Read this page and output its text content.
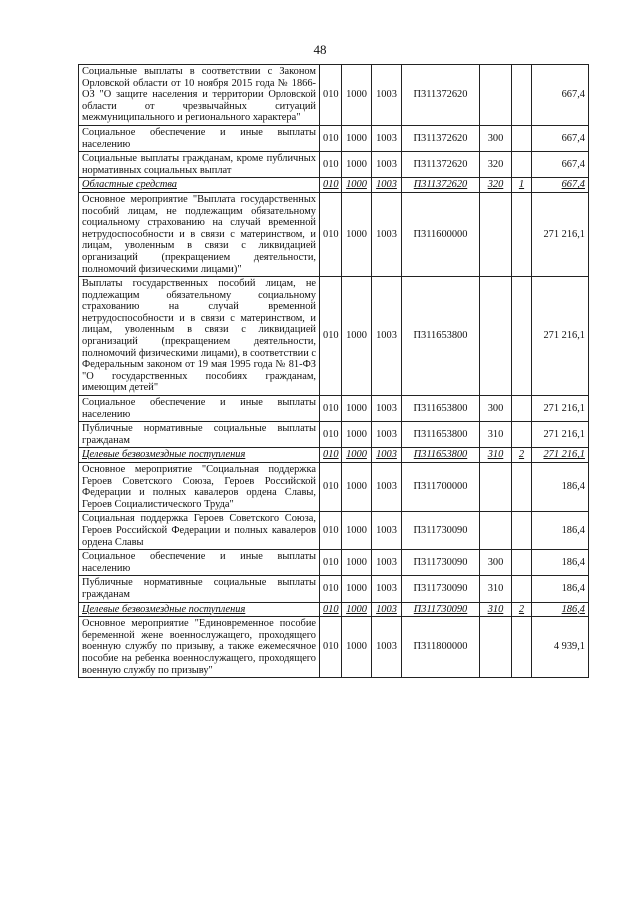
48
Социальные выплаты в соответствии с Законом Орловской области от 10 ноября 2015 года № 1866-ОЗ "О защите населения и территории Орловской области от чрезвычайных ситуаций межмуниципального и регионального характера"	010	1000	1003	П311372620			667,4
Социальное обеспечение и иные выплаты населению	010	1000	1003	П311372620	300		667,4
Социальные выплаты гражданам, кроме публичных нормативных социальных выплат	010	1000	1003	П311372620	320		667,4
Областные средства	010	1000	1003	П311372620	320	1	667,4
Основное мероприятие "Выплата государственных пособий лицам, не подлежащим обязательному социальному страхованию на случай временной нетрудоспособности и в связи с материнством, и лицам, уволенным в связи с ликвидацией организаций (прекращением деятельности, полномочий физическими лицами)"	010	1000	1003	П311600000			271 216,1
Выплаты государственных пособий лицам, не подлежащим обязательному социальному страхованию на случай временной нетрудоспособности и в связи с материнством, и лицам, уволенным в связи с ликвидацией организаций (прекращением деятельности, полномочий физическими лицами), в соответствии с Федеральным законом от 19 мая 1995 года № 81-ФЗ "О государственных пособиях гражданам, имеющим детей"	010	1000	1003	П311653800			271 216,1
Социальное обеспечение и иные выплаты населению	010	1000	1003	П311653800	300		271 216,1
Публичные нормативные социальные выплаты гражданам	010	1000	1003	П311653800	310		271 216,1
Целевые безвозмездные поступления	010	1000	1003	П311653800	310	2	271 216,1
Основное мероприятие "Социальная поддержка Героев Советского Союза, Героев Российской Федерации и полных кавалеров ордена Славы, Героев Социалистического Труда"	010	1000	1003	П311700000			186,4
Социальная поддержка Героев Советского Союза, Героев Российской Федерации и полных кавалеров ордена Славы	010	1000	1003	П311730090			186,4
Социальное обеспечение и иные выплаты населению	010	1000	1003	П311730090	300		186,4
Публичные нормативные социальные выплаты гражданам	010	1000	1003	П311730090	310		186,4
Целевые безвозмездные поступления	010	1000	1003	П311730090	310	2	186,4
Основное мероприятие "Единовременное пособие беременной жене военнослужащего, проходящего военную службу по призыву, а также ежемесячное пособие на ребенка военнослужащего, проходящего военную службу по призыву"	010	1000	1003	П311800000			4 939,1
